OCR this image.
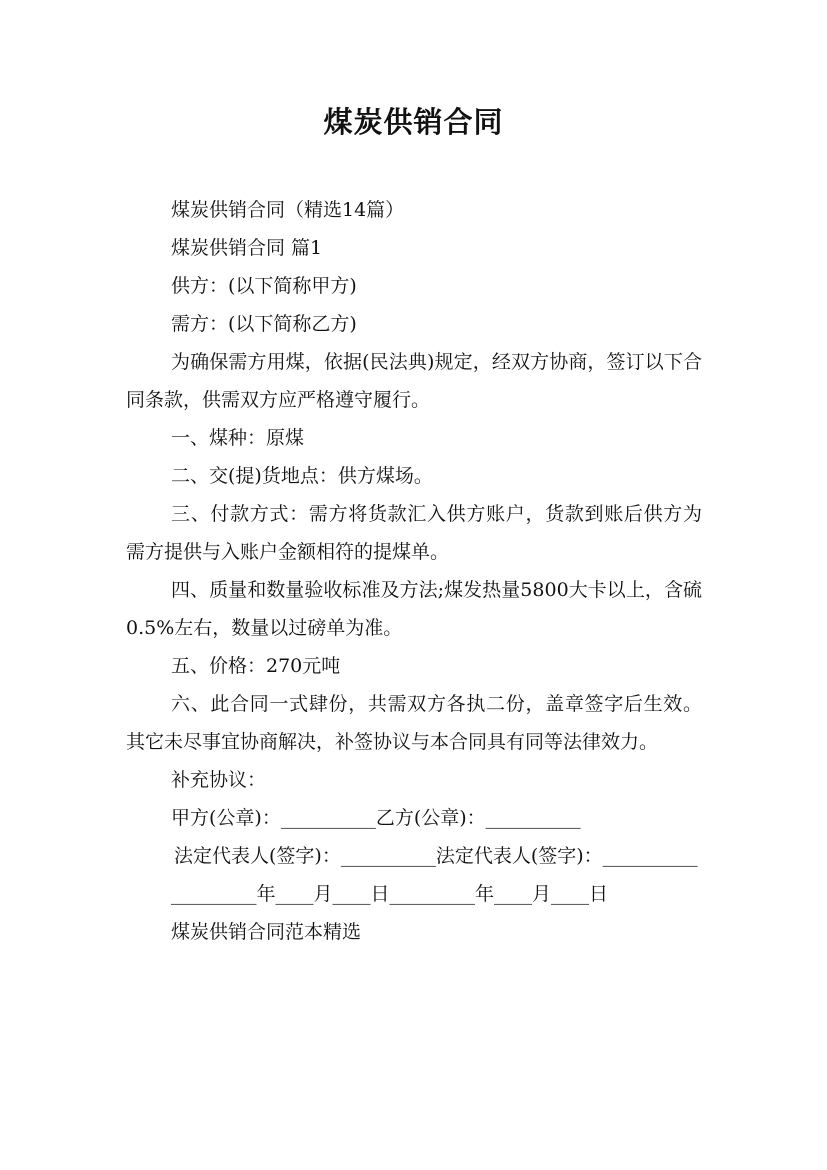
煤炭供销合同

煤炭供销合同（精选14篇）

煤炭供销合同 篇1

供方：(以下简称甲方)

需方：(以下简称乙方)

为确保需方用煤，依据(民法典)规定，经双方协商，签订以下合同条款，供需双方应严格遵守履行。

一、煤种：原煤

二、交(提)货地点：供方煤场。

三、付款方式：需方将货款汇入供方账户，货款到账后供方为需方提供与入账户金额相符的提煤单。

四、质量和数量验收标准及方法;煤发热量5800大卡以上，含硫0.5%左右，数量以过磅单为准。

五、价格：270元吨

六、此合同一式肆份，共需双方各执二份，盖章签字后生效。其它未尽事宜协商解决，补签协议与本合同具有同等法律效力。

补充协议：

甲方(公章)：__________乙方(公章)：__________

法定代表人(签字)：__________法定代表人(签字)：__________

_________年____月____日_________年____月____日

煤炭供销合同范本精选
